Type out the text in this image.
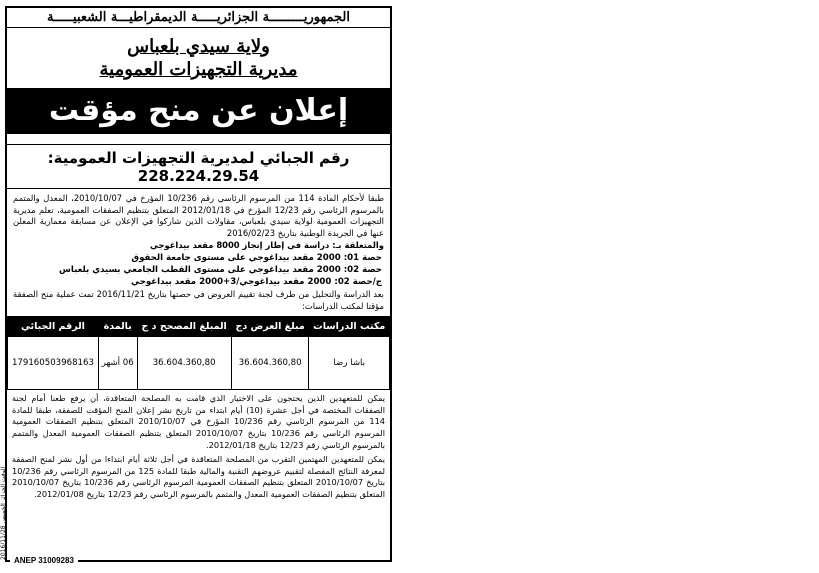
الجمهوريـــــــــة الجزائريـــــة الديمقراطيـــة الشعبيـــــة
ولاية سيدي بلعباس
مديرية التجهيزات العمومية
إعلان عن منح مؤقت
رقم الجبائي لمديرية التجهيزات العمومية: 228.224.29.54
طبقا لأحكام المادة 114 من المرسوم الرئاسي رقم 10/236 المؤرخ في 2010/10/07، المعدل والمتمم بالمرسوم الرئاسي رقم 12/23 المؤرخ في 2012/01/18 المتعلق بتنظيم الصفقات العمومية، تعلم مديرية التجهيزات العمومية لولاية سيدي بلعباس، مقاولات الذين شاركوا في الإعلان عن مسابقة معمارية المعلن عنها في الجريدة الوطنية بتاريخ 2016/02/23
والمتعلقة بـ: دراسة في إطار إنجاز 8000 مقعد بيداغوجي
حصة 01: 2000 مقعد بيداغوجي على مستوى جامعة الحقوق
حصة 02: 2000 مقعد بيداغوجي على مستوى القطب الجامعي بسيدي بلعباس
ج/حصة 02: 2000 مقعد بيداغوجي/3+2000 مقعد بيداغوجي
بعد الدراسة والتحليل من طرف لجنة تقييم العروض في حصتها بتاريخ 2016/11/21 تمت عملية منح الصفقة مؤقتا لمكتب الدراسات:
مكتب الدراسات	مبلغ العرض دج	المبلغ المصحح د ج	بالمدة	الرقم الجبائي
باشا رضا	36.604.360,80	36.604.360,80	06 أشهر	179160503968163
يمكن للمتعهدين الذين يحتجون على الاختيار الذي قامت به المصلحة المتعاقدة، أن يرفع طعنا أمام لجنة الصفقات المختصة في أجل عشرة (10) أيام ابتداء من تاريخ نشر إعلان المنح المؤقت للصفقة، طبقا للمادة 114 من المرسوم الرئاسي رقم 10/236 المؤرخ في 2010/10/07 المتعلق بتنظيم الصفقات العمومية المرسوم الرئاسي رقم 10/236 بتاريخ 2010/10/07 المتعلق بتنظيم الصفقات العمومية المعدل والمتمم بالمرسوم الرئاسي رقم 12/23 بتاريخ 2012/01/18.
يمكن للمتعهدين المهتمين التقرب من المصلحة المتعاقدة في أجل ثلاثة أيام ابتداءا من أول نشر لمنح الصفقة لمعرفة النتائج المفصلة لتقييم عروضهم التقنية والمالية طبقا للمادة 125 من المرسوم الرئاسي رقم 10/236 بتاريخ 2010/10/07 المتعلق بتنظيم الصفقات العمومية المرسوم الرئاسي رقم 10/236 بتاريخ 2010/10/07 المتعلق بتنظيم الصفقات العمومية المعدل والمتمم بالمرسوم الرئاسي رقم 12/23 بتاريخ 2012/01/08.
ANEP 31009283
2016/11/28 الوقت الجزائر الخميس
